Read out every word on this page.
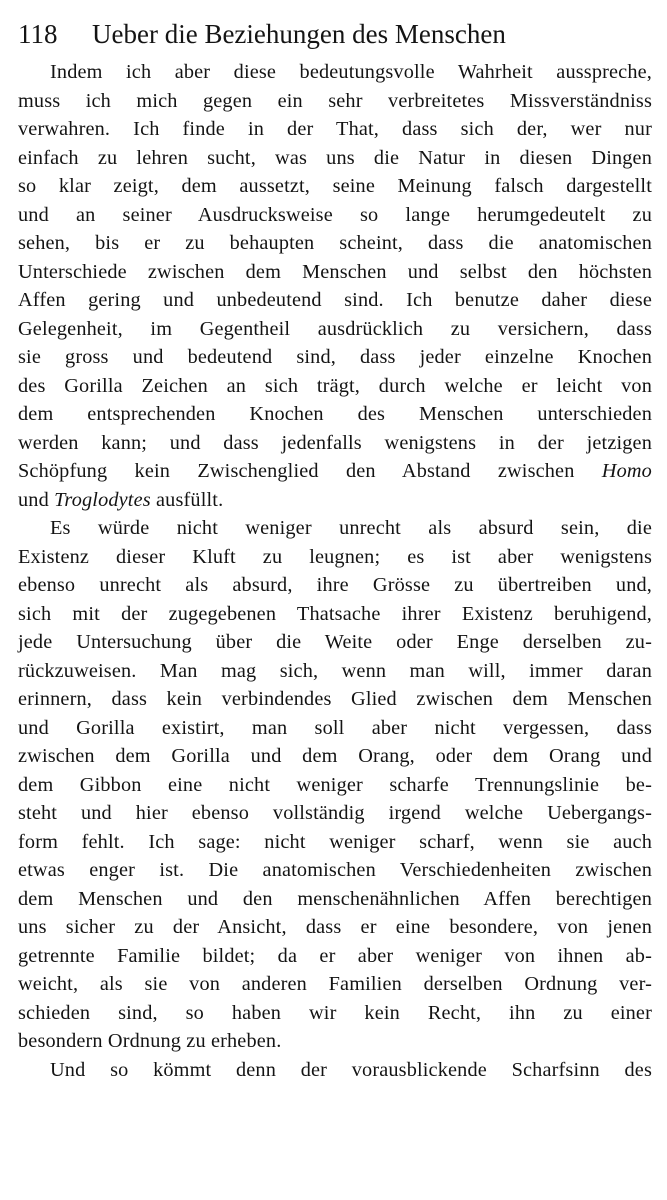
118 Ueber die Beziehungen des Menschen
Indem ich aber diese bedeutungsvolle Wahrheit ausspreche,
muss ich mich gegen ein sehr verbreitetes Missverständniss
verwahren. Ich finde in der That, dass sich der, wer nur
einfach zu lehren sucht, was uns die Natur in diesen Dingen
so klar zeigt, dem aussetzt, seine Meinung falsch dargestellt
und an seiner Ausdrucksweise so lange herumgedeutelt zu
sehen, bis er zu behaupten scheint, dass die anatomischen
Unterschiede zwischen dem Menschen und selbst den höchsten
Affen gering und unbedeutend sind. Ich benutze daher diese
Gelegenheit, im Gegentheil ausdrücklich zu versichern, dass
sie gross und bedeutend sind, dass jeder einzelne Knochen
des Gorilla Zeichen an sich trägt, durch welche er leicht von
dem entsprechenden Knochen des Menschen unterschieden
werden kann; und dass jedenfalls wenigstens in der jetzigen
Schöpfung kein Zwischenglied den Abstand zwischen Homo
und Troglodytes ausfüllt.
Es würde nicht weniger unrecht als absurd sein, die
Existenz dieser Kluft zu leugnen; es ist aber wenigstens
ebenso unrecht als absurd, ihre Grösse zu übertreiben und,
sich mit der zugegebenen Thatsache ihrer Existenz beruhigend,
jede Untersuchung über die Weite oder Enge derselben zu-
rückzuweisen. Man mag sich, wenn man will, immer daran
erinnern, dass kein verbindendes Glied zwischen dem Menschen
und Gorilla existirt, man soll aber nicht vergessen, dass
zwischen dem Gorilla und dem Orang, oder dem Orang und
dem Gibbon eine nicht weniger scharfe Trennungslinie be-
steht und hier ebenso vollständig irgend welche Uebergangs-
form fehlt. Ich sage: nicht weniger scharf, wenn sie auch
etwas enger ist. Die anatomischen Verschiedenheiten zwischen
dem Menschen und den menschenähnlichen Affen berechtigen
uns sicher zu der Ansicht, dass er eine besondere, von jenen
getrennte Familie bildet; da er aber weniger von ihnen ab-
weicht, als sie von anderen Familien derselben Ordnung ver-
schieden sind, so haben wir kein Recht, ihn zu einer
besondern Ordnung zu erheben.
Und so kömmt denn der vorausblickende Scharfsinn des
